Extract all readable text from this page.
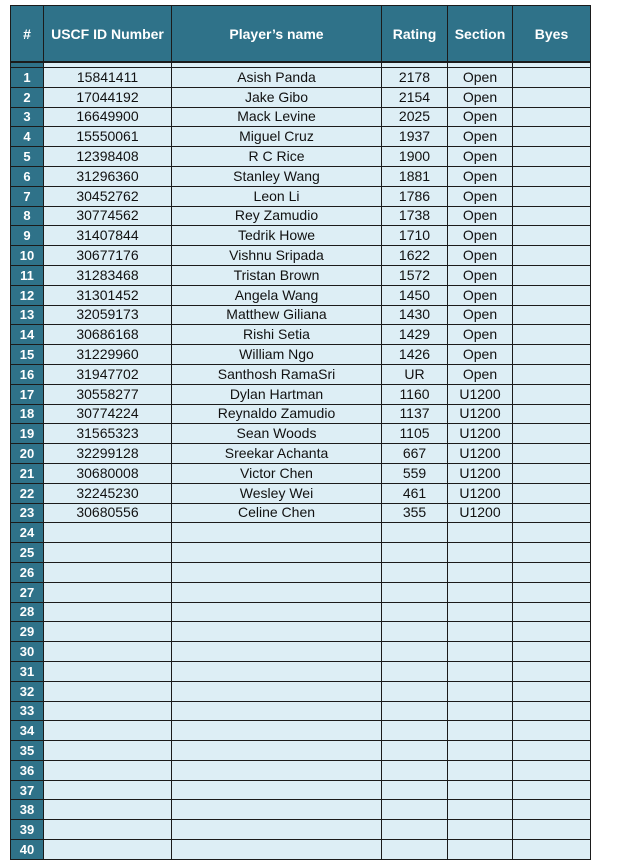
#	USCF ID Number	Player’s name	Rating	Section	Byes

1	15841411	Asish Panda	2178	Open	
2	17044192	Jake Gibo	2154	Open	
3	16649900	Mack Levine	2025	Open	
4	15550061	Miguel Cruz	1937	Open	
5	12398408	R C Rice	1900	Open	
6	31296360	Stanley Wang	1881	Open	
7	30452762	Leon Li	1786	Open	
8	30774562	Rey Zamudio	1738	Open	
9	31407844	Tedrik Howe	1710	Open	
10	30677176	Vishnu Sripada	1622	Open	
11	31283468	Tristan Brown	1572	Open	
12	31301452	Angela Wang	1450	Open	
13	32059173	Matthew Giliana	1430	Open	
14	30686168	Rishi Setia	1429	Open	
15	31229960	William Ngo	1426	Open	
16	31947702	Santhosh RamaSri	UR	Open	
17	30558277	Dylan Hartman	1160	U1200	
18	30774224	Reynaldo Zamudio	1137	U1200	
19	31565323	Sean Woods	1105	U1200	
20	32299128	Sreekar Achanta	667	U1200	
21	30680008	Victor Chen	559	U1200	
22	32245230	Wesley Wei	461	U1200	
23	30680556	Celine Chen	355	U1200	
24					
25					
26					
27					
28					
29					
30					
31					
32					
33					
34					
35					
36					
37					
38					
39					
40					
